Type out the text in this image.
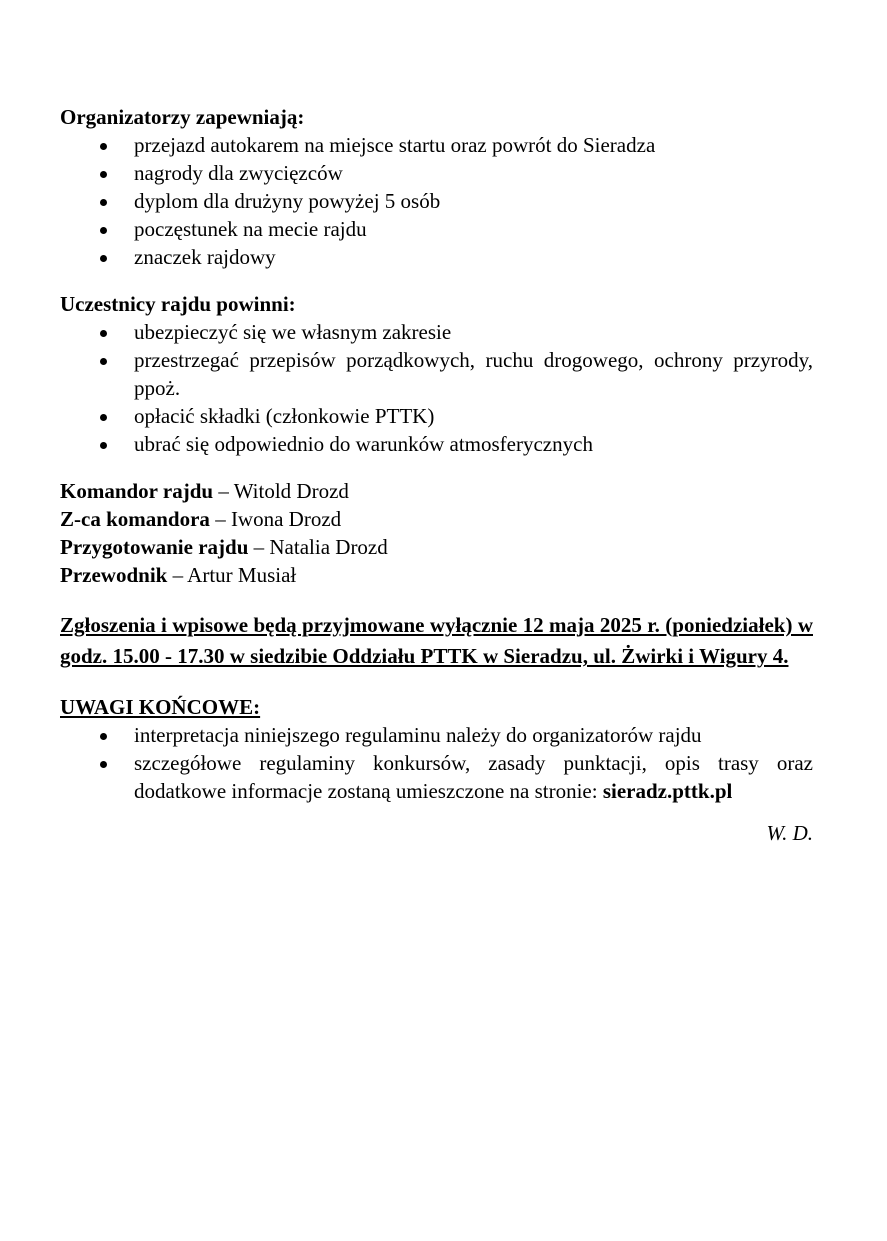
Organizatorzy zapewniają:

przejazd autokarem na miejsce startu oraz powrót do Sieradza
nagrody dla zwycięzców
dyplom dla drużyny powyżej 5 osób
poczęstunek na mecie rajdu
znaczek rajdowy

Uczestnicy rajdu powinni:

ubezpieczyć się we własnym zakresie
przestrzegać przepisów porządkowych, ruchu drogowego, ochrony przyrody, ppoż.
opłacić składki (członkowie PTTK)
ubrać się odpowiednio do warunków atmosferycznych

Komandor rajdu – Witold Drozd

Z-ca komandora – Iwona Drozd

Przygotowanie rajdu – Natalia Drozd

Przewodnik – Artur Musiał

Zgłoszenia i wpisowe będą przyjmowane wyłącznie 12 maja 2025 r. (poniedziałek) w godz. 15.00 - 17.30 w siedzibie Oddziału PTTK w Sieradzu, ul. Żwirki i Wigury 4.

UWAGI KOŃCOWE:

interpretacja niniejszego regulaminu należy do organizatorów rajdu
szczegółowe regulaminy konkursów, zasady punktacji, opis trasy oraz dodatkowe informacje zostaną umieszczone na stronie: sieradz.pttk.pl

W. D.
